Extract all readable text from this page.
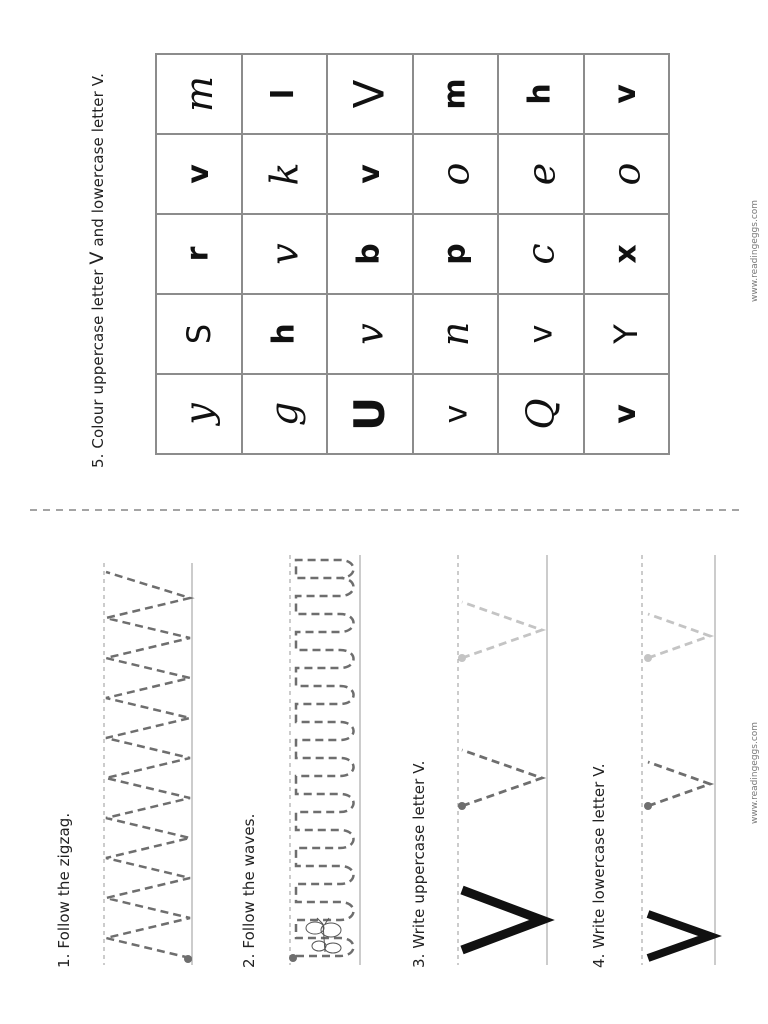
1. Follow the zigzag.	2. Follow the waves.	3. Write uppercase letter V.	4. Write lowercase letter V.
5. Colour uppercase letter V and lowercase letter V.	www.readingeggs.com
www.readingeggs.com
m l V m h v
v k v o e o
r v b p c x
S h v n v Y
y g U v Q v
